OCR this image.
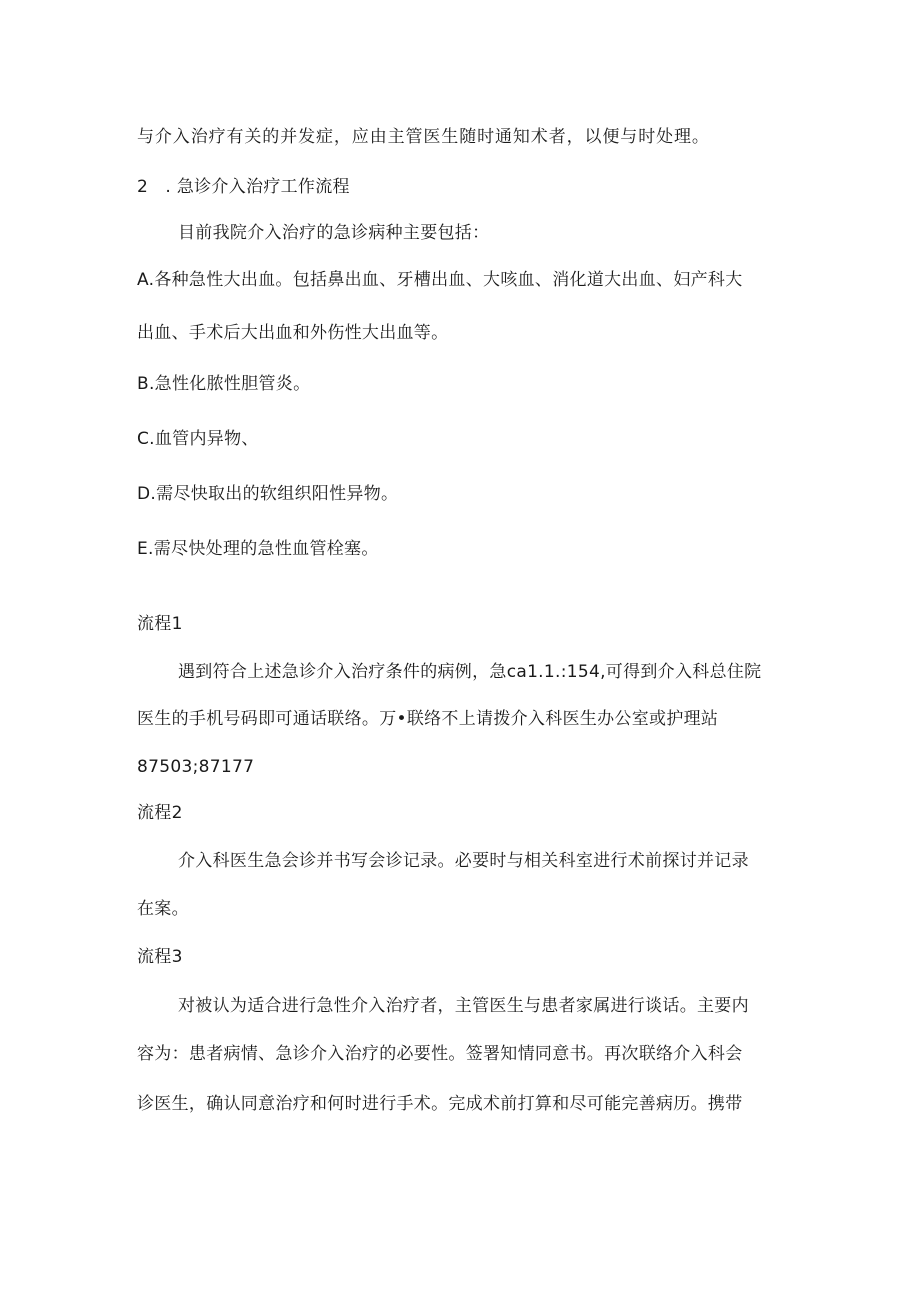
与介入治疗有关的并发症，应由主管医生随时通知术者，以便与时处理。
2　. 急诊介入治疗工作流程
目前我院介入治疗的急诊病种主要包括：
A.各种急性大出血。包括鼻出血、牙槽出血、大咳血、消化道大出血、妇产科大
出血、手术后大出血和外伤性大出血等。
B.急性化脓性胆管炎。
C.血管内异物、
D.需尽快取出的软组织阳性异物。
E.需尽快处理的急性血管栓塞。
流程1
遇到符合上述急诊介入治疗条件的病例，急ca1.1.:154,可得到介入科总住院
医生的手机号码即可通话联络。万•联络不上请拨介入科医生办公室或护理站
87503;87177
流程2
介入科医生急会诊并书写会诊记录。必要时与相关科室进行术前探讨并记录
在案。
流程3
对被认为适合进行急性介入治疗者，主管医生与患者家属进行谈话。主要内
容为：患者病情、急诊介入治疗的必要性。签署知情同意书。再次联络介入科会
诊医生，确认同意治疗和何时进行手术。完成术前打算和尽可能完善病历。携带
